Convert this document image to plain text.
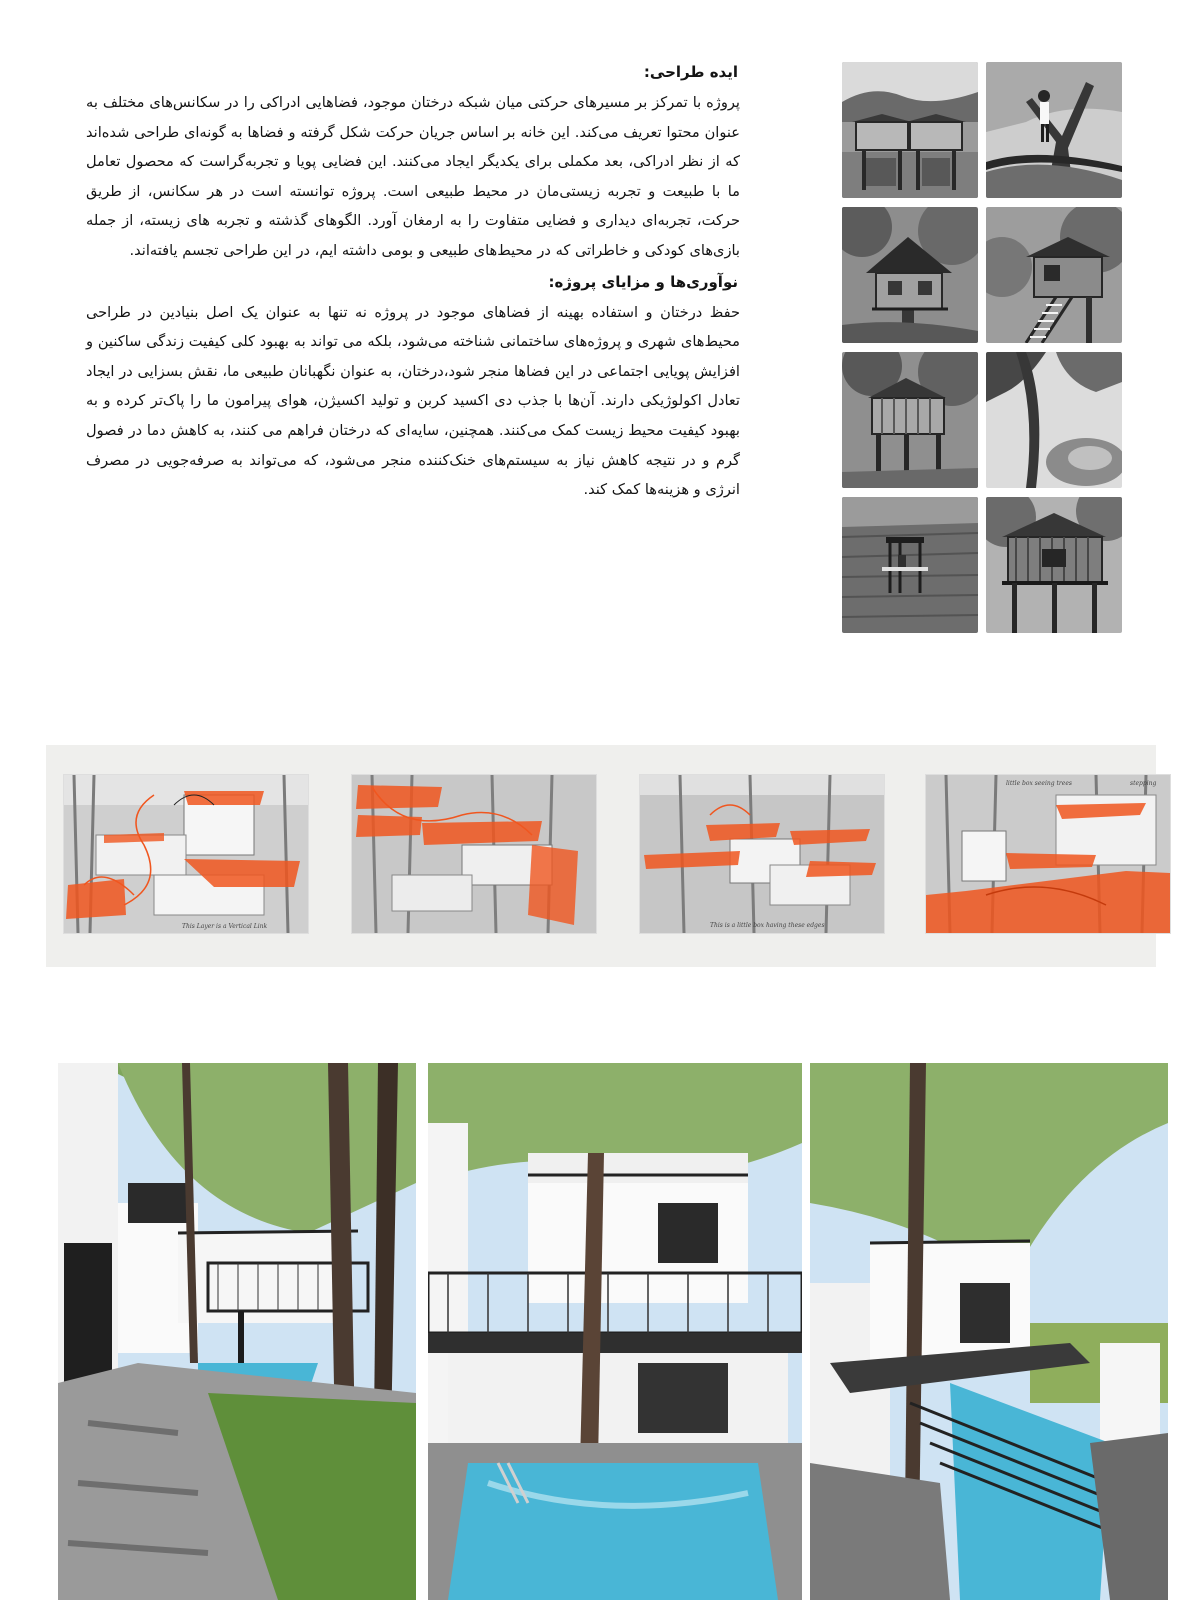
ایده طراحی:

پروژه با تمرکز بر مسیرهای حرکتی میان شبکه درختان موجود، فضاهایی ادراکی را در سکانس‌های مختلف به عنوان محتوا تعریف می‌کند. این خانه بر اساس جریان حرکت شکل گرفته و فضاها به گونه‌ای طراحی شده‌اند که از نظر ادراکی، بعد مکملی برای یکدیگر ایجاد می‌کنند. این فضایی پویا و تجربه‌گراست که محصول تعامل ما با طبیعت و تجربه زیستی‌مان در محیط طبیعی است. پروژه توانسته است در هر سکانس، از طریق حرکت، تجربه‌ای دیداری و فضایی متفاوت را به ارمغان آورد. الگوهای گذشته و تجربه های زیسته، از جمله بازی‌های کودکی و خاطراتی که در محیط‌های طبیعی و بومی داشته ایم، در این طراحی تجسم یافته‌اند.

نوآوری‌ها و مزایای پروژه:

حفظ درختان و استفاده بهینه از فضاهای موجود در پروژه نه تنها به عنوان یک اصل بنیادین در طراحی محیط‌های شهری و پروژه‌های ساختمانی شناخته می‌شود، بلکه می تواند به بهبود کلی کیفیت زندگی ساکنین و افزایش پویایی اجتماعی در این فضاها منجر شود،درختان، به عنوان نگهبانان طبیعی ما، نقش بسزایی در ایجاد تعادل اکولوژیکی دارند. آن‌ها با جذب دی اکسید کربن و تولید اکسیژن، هوای پیرامون ما را پاک‌تر کرده و به بهبود کیفیت محیط زیست کمک می‌کنند. همچنین، سایه‌ای که درختان فراهم می کنند، به کاهش دما در فصول گرم و در نتیجه کاهش نیاز به سیستم‌های خنک‌کننده منجر می‌شود، که می‌تواند به صرفه‌جویی در مصرف انرژی و هزینه‌ها کمک کند.

This Layer is a Vertical Link	This is a little box having these edges
little box seeing trees	stepping
